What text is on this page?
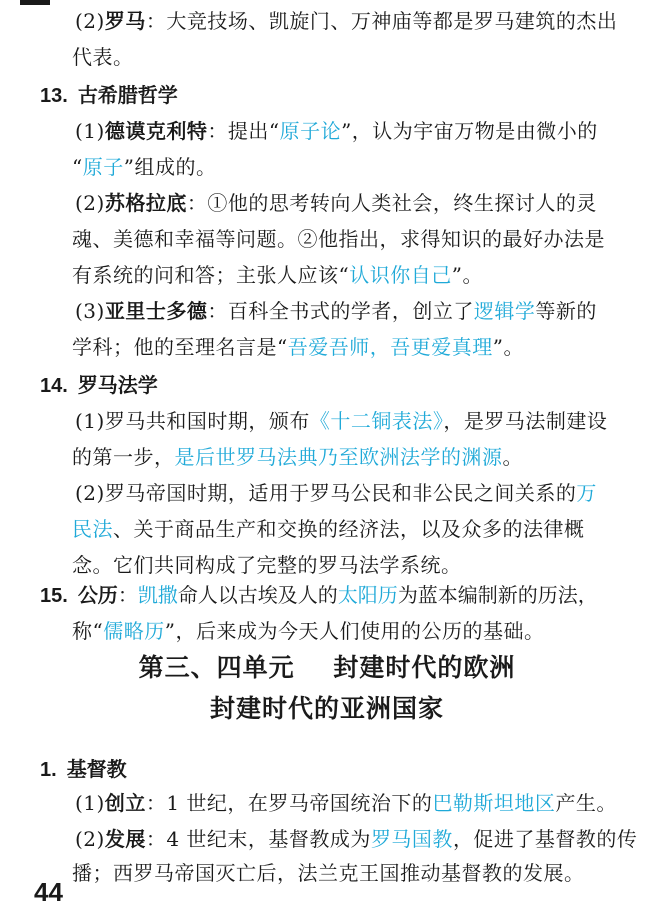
(2)罗马：大竞技场、凯旋门、万神庙等都是罗马建筑的杰出
代表。
13. 古希腊哲学
(1)德谟克利特：提出“原子论”，认为宇宙万物是由微小的
“原子”组成的。
(2)苏格拉底：①他的思考转向人类社会，终生探讨人的灵
魂、美德和幸福等问题。②他指出，求得知识的最好办法是
有系统的问和答；主张人应该“认识你自己”。
(3)亚里士多德：百科全书式的学者，创立了逻辑学等新的
学科；他的至理名言是“吾爱吾师，吾更爱真理”。
14. 罗马法学
(1)罗马共和国时期，颁布《十二铜表法》，是罗马法制建设
的第一步，是后世罗马法典乃至欧洲法学的渊源。
(2)罗马帝国时期，适用于罗马公民和非公民之间关系的万
民法、关于商品生产和交换的经济法，以及众多的法律概
念。它们共同构成了完整的罗马法学系统。
15. 公历：凯撒命人以古埃及人的太阳历为蓝本编制新的历法，
称“儒略历”，后来成为今天人们使用的公历的基础。
第三、四单元    封建时代的欧洲
封建时代的亚洲国家
1. 基督教
(1)创立：1 世纪，在罗马帝国统治下的巴勒斯坦地区产生。
(2)发展：4 世纪末，基督教成为罗马国教，促进了基督教的传
播；西罗马帝国灭亡后，法兰克王国推动基督教的发展。
44
